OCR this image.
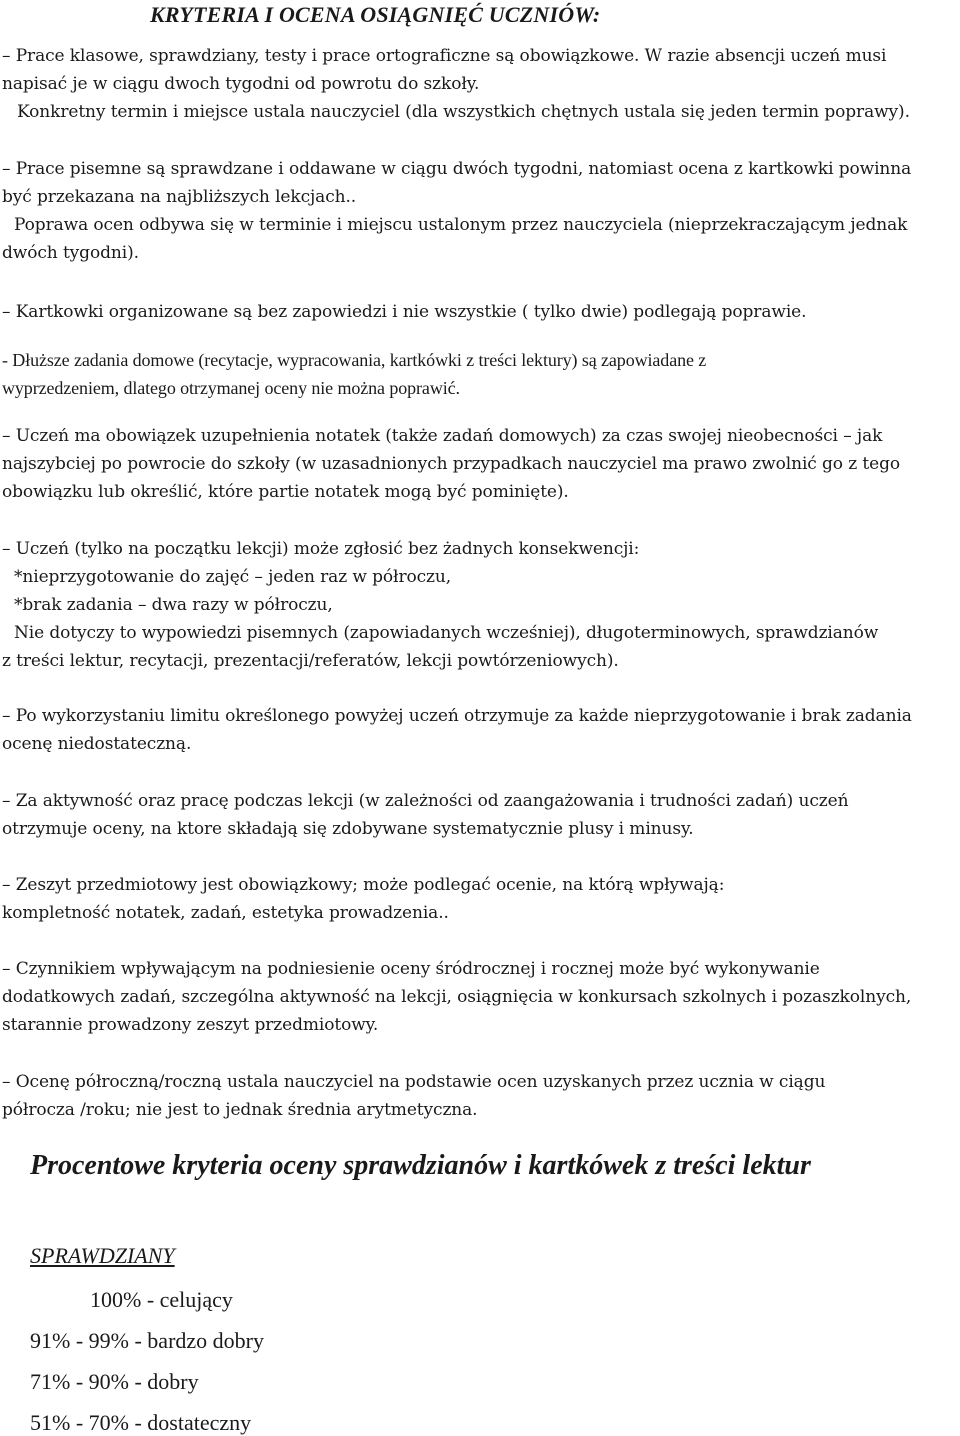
KRYTERIA I OCENA OSIĄGNIĘĆ UCZNIÓW:
– Prace klasowe, sprawdziany, testy i prace ortograficzne są obowiązkowe. W razie absencji uczeń musi
napisać je w ciągu dwoch tygodni od powrotu do szkoły.
Konkretny termin i miejsce ustala nauczyciel (dla wszystkich chętnych ustala się jeden termin poprawy).
– Prace pisemne są sprawdzane i oddawane w ciągu dwóch tygodni, natomiast ocena z kartkowki powinna
być przekazana na najbliższych lekcjach..
Poprawa ocen odbywa się w terminie i miejscu ustalonym przez nauczyciela (nieprzekraczającym jednak
dwóch tygodni).
– Kartkowki organizowane są bez zapowiedzi i nie wszystkie ( tylko dwie) podlegają poprawie.
- Dłuższe zadania domowe (recytacje, wypracowania, kartkówki z treści lektury) są zapowiadane z
wyprzedzeniem, dlatego otrzymanej oceny nie można poprawić.
– Uczeń ma obowiązek uzupełnienia notatek (także zadań domowych) za czas swojej nieobecności – jak
najszybciej po powrocie do szkoły (w uzasadnionych przypadkach nauczyciel ma prawo zwolnić go z tego
obowiązku lub określić, które partie notatek mogą być pominięte).
– Uczeń (tylko na początku lekcji) może zgłosić bez żadnych konsekwencji:
*nieprzygotowanie do zajęć – jeden raz w półroczu,
*brak zadania – dwa razy w półroczu,
Nie dotyczy to wypowiedzi pisemnych (zapowiadanych wcześniej), długoterminowych, sprawdzianów
z treści lektur, recytacji, prezentacji/referatów, lekcji powtórzeniowych).
– Po wykorzystaniu limitu określonego powyżej uczeń otrzymuje za każde nieprzygotowanie i brak zadania
ocenę niedostateczną.
– Za aktywność oraz pracę podczas lekcji (w zależności od zaangażowania i trudności zadań) uczeń
otrzymuje oceny, na ktore składają się zdobywane systematycznie plusy i minusy.
– Zeszyt przedmiotowy jest obowiązkowy; może podlegać ocenie, na którą wpływają:
kompletność notatek, zadań, estetyka prowadzenia..
– Czynnikiem wpływającym na podniesienie oceny śródrocznej i rocznej może być wykonywanie
dodatkowych zadań, szczególna aktywność na lekcji, osiągnięcia w konkursach szkolnych i pozaszkolnych,
starannie prowadzony zeszyt przedmiotowy.
– Ocenę półroczną/roczną ustala nauczyciel na podstawie ocen uzyskanych przez ucznia w ciągu
półrocza /roku; nie jest to jednak średnia arytmetyczna.
Procentowe kryteria oceny sprawdzianów i kartkówek z treści lektur
SPRAWDZIANY
100% - celujący
91% - 99% - bardzo dobry
71% - 90% - dobry
51% - 70% - dostateczny
